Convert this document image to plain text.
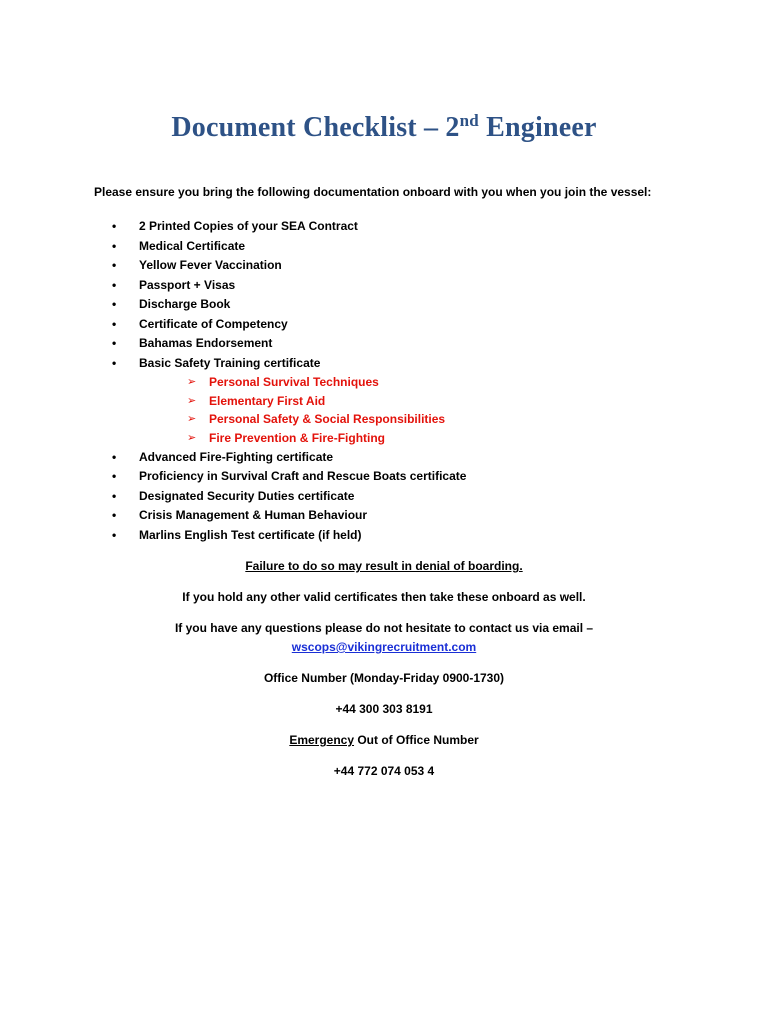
Document Checklist – 2nd Engineer

Please ensure you bring the following documentation onboard with you when you join the vessel:

•	2 Printed Copies of your SEA Contract
•	Medical Certificate
•	Yellow Fever Vaccination
•	Passport + Visas
•	Discharge Book
•	Certificate of Competency
•	Bahamas Endorsement
•	Basic Safety Training certificate
➢ Personal Survival Techniques
➢ Elementary First Aid
➢ Personal Safety & Social Responsibilities
➢ Fire Prevention & Fire-Fighting
•	Advanced Fire-Fighting certificate
•	Proficiency in Survival Craft and Rescue Boats certificate
•	Designated Security Duties certificate
•	Crisis Management & Human Behaviour
•	Marlins English Test certificate (if held)

Failure to do so may result in denial of boarding.

If you hold any other valid certificates then take these onboard as well.

If you have any questions please do not hesitate to contact us via email –

wscops@vikingrecruitment.com

Office Number (Monday-Friday 0900-1730)

+44 300 303 8191

Emergency Out of Office Number

+44 772 074 053 4
